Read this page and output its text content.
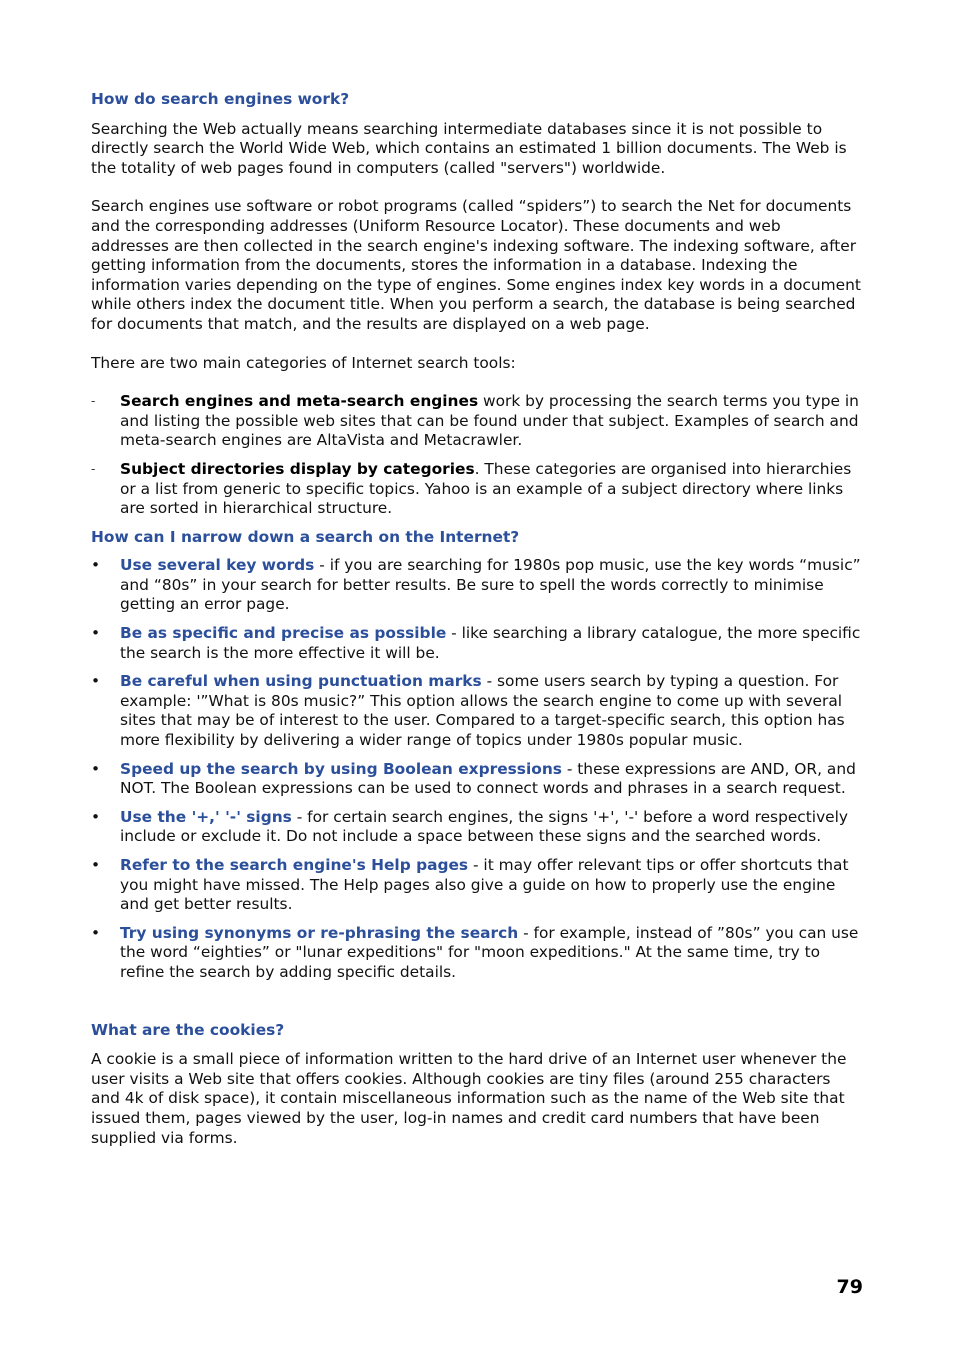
How do search engines work?

Searching the Web actually means searching intermediate databases since it is not possible to directly search the World Wide Web, which contains an estimated 1 billion documents. The Web is the totality of web pages found in computers (called "servers") worldwide.

Search engines use software or robot programs (called “spiders”) to search the Net for documents and the corresponding addresses (Uniform Resource Locator). These documents and web addresses are then collected in the search engine's indexing software. The indexing software, after getting information from the documents, stores the information in a database. Indexing the information varies depending on the type of engines. Some engines index key words in a document while others index the document title. When you perform a search, the database is being searched for documents that match, and the results are displayed on a web page.

There are two main categories of Internet search tools:

- Search engines and meta-search engines work by processing the search terms you type in and listing the possible web sites that can be found under that subject. Examples of search and meta-search engines are AltaVista and Metacrawler.
- Subject directories display by categories. These categories are organised into hierarchies or a list from generic to specific topics. Yahoo is an example of a subject directory where links are sorted in hierarchical structure.
How can I narrow down a search on the Internet?
• Use several key words - if you are searching for 1980s pop music, use the key words “music” and “80s” in your search for better results. Be sure to spell the words correctly to minimise getting an error page.
• Be as specific and precise as possible - like searching a library catalogue, the more specific the search is the more effective it will be.
• Be careful when using punctuation marks - some users search by typing a question. For example: '”What is 80s music?” This option allows the search engine to come up with several sites that may be of interest to the user. Compared to a target-specific search, this option has more flexibility by delivering a wider range of topics under 1980s popular music.
• Speed up the search by using Boolean expressions - these expressions are AND, OR, and NOT. The Boolean expressions can be used to connect words and phrases in a search request.
• Use the '+,' '-' signs - for certain search engines, the signs '+', '-' before a word respectively include or exclude it. Do not include a space between these signs and the searched words.
• Refer to the search engine's Help pages - it may offer relevant tips or offer shortcuts that you might have missed. The Help pages also give a guide on how to properly use the engine and get better results.
• Try using synonyms or re-phrasing the search - for example, instead of ”80s” you can use the word “eighties” or "lunar expeditions" for "moon expeditions." At the same time, try to refine the search by adding specific details.
What are the cookies?

A cookie is a small piece of information written to the hard drive of an Internet user whenever the user visits a Web site that offers cookies. Although cookies are tiny files (around 255 characters and 4k of disk space), it contain miscellaneous information such as the name of the Web site that issued them, pages viewed by the user, log-in names and credit card numbers that have been supplied via forms.

79
